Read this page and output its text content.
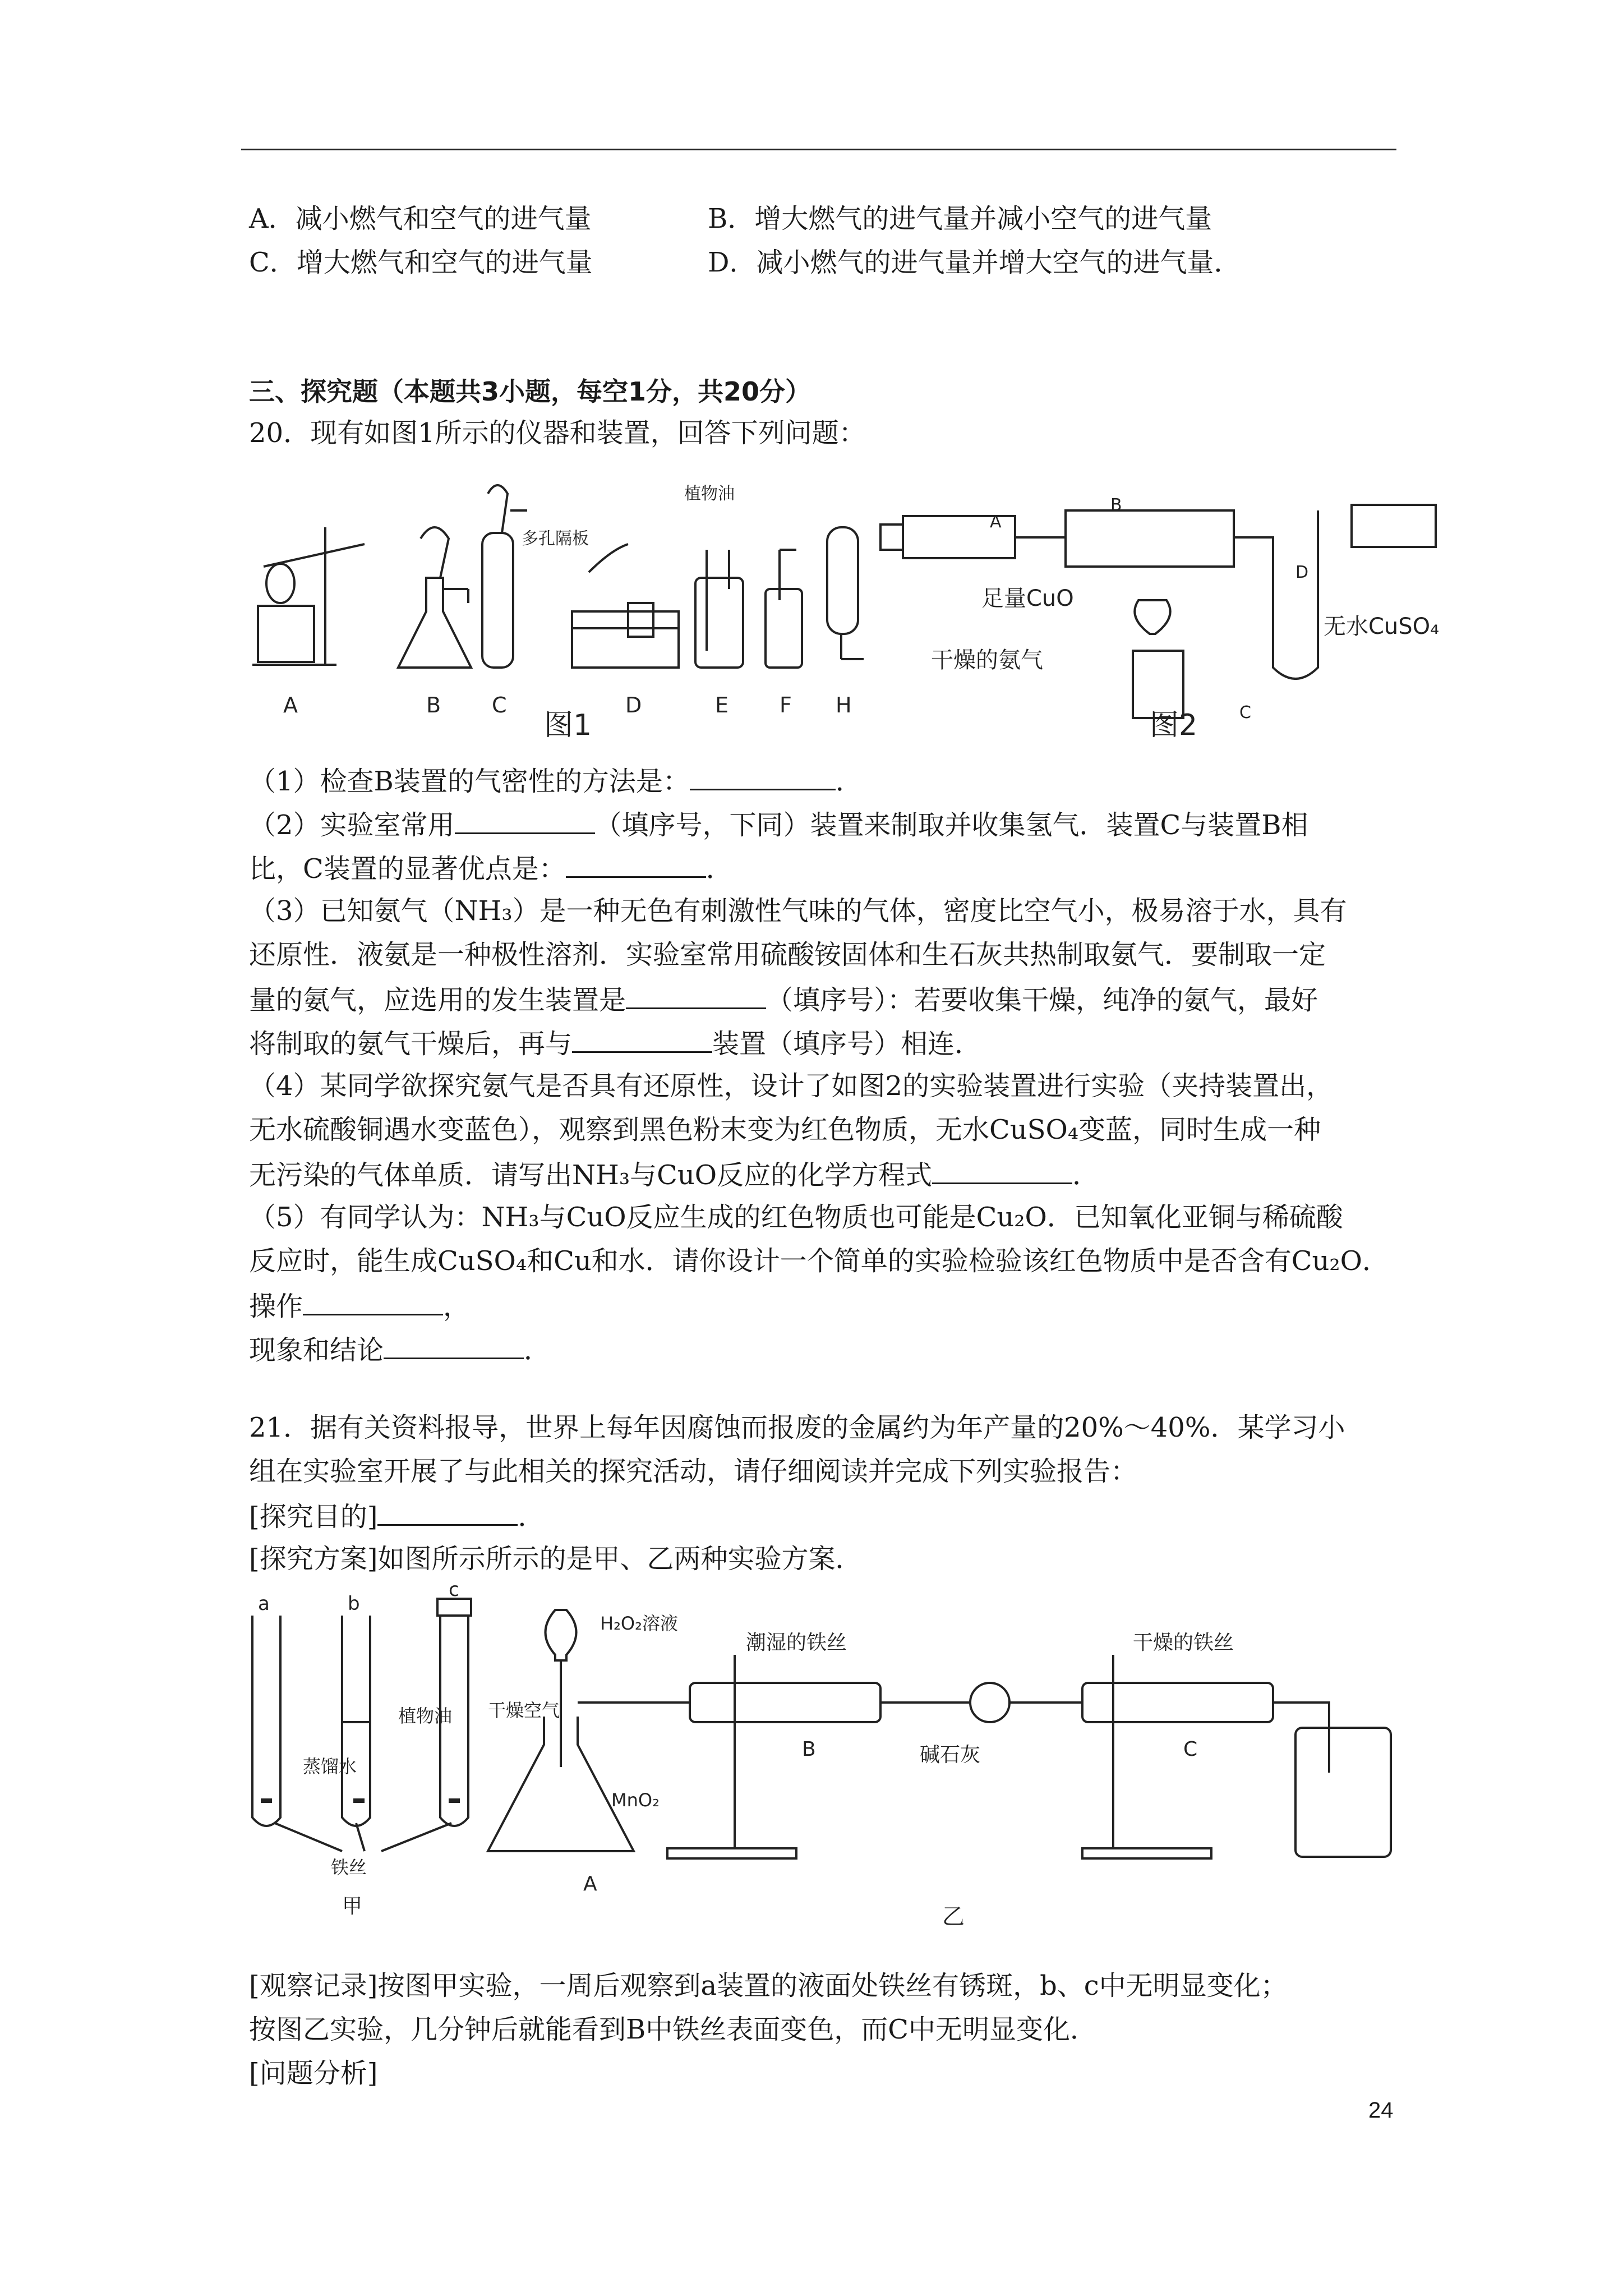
A．减小燃气和空气的进气量	B．增大燃气的进气量并减小空气的进气量
C．增大燃气和空气的进气量	D．减小燃气的进气量并增大空气的进气量．
三、探究题（本题共3小题，每空1分，共20分）
20．现有如图1所示的仪器和装置，回答下列问题：
A	B C	D	E F H
多孔隔板
植物油
图1
A
B
C
D
足量CuO
干燥的氨气
无水CuSO₄
图2
（1）检查B装置的气密性的方法是：	．
（2）实验室常用	（填序号，下同）装置来制取并收集氢气．装置C与装置B相
比，C装置的显著优点是：	．
（3）已知氨气（NH₃）是一种无色有刺激性气味的气体，密度比空气小，极易溶于水，具有
还原性．液氨是一种极性溶剂．实验室常用硫酸铵固体和生石灰共热制取氨气．要制取一定
量的氨气，应选用的发生装置是	（填序号）：若要收集干燥，纯净的氨气，最好
将制取的氨气干燥后，再与	装置（填序号）相连．
（4）某同学欲探究氨气是否具有还原性，设计了如图2的实验装置进行实验（夹持装置出，
无水硫酸铜遇水变蓝色），观察到黑色粉末变为红色物质，无水CuSO₄变蓝，同时生成一种
无污染的气体单质．请写出NH₃与CuO反应的化学方程式	．
（5）有同学认为：NH₃与CuO反应生成的红色物质也可能是Cu₂O．已知氧化亚铜与稀硫酸
反应时，能生成CuSO₄和Cu和水．请你设计一个简单的实验检验该红色物质中是否含有Cu₂O．
操作	，
现象和结论	．
21．据有关资料报导，世界上每年因腐蚀而报废的金属约为年产量的20%～40%．某学习小
组在实验室开展了与此相关的探究活动，请仔细阅读并完成下列实验报告：
[探究目的]	．
[探究方案]如图所示所示的是甲、乙两种实验方案．
a	b
c
蒸馏水
植物油 干燥空气
铁丝
甲
H₂O₂溶液
MnO₂
A
潮湿的铁丝
B	碱石灰
干燥的铁丝
C
乙
[观察记录]按图甲实验，一周后观察到a装置的液面处铁丝有锈斑，b、c中无明显变化；
按图乙实验，几分钟后就能看到B中铁丝表面变色，而C中无明显变化．
[问题分析]
24
